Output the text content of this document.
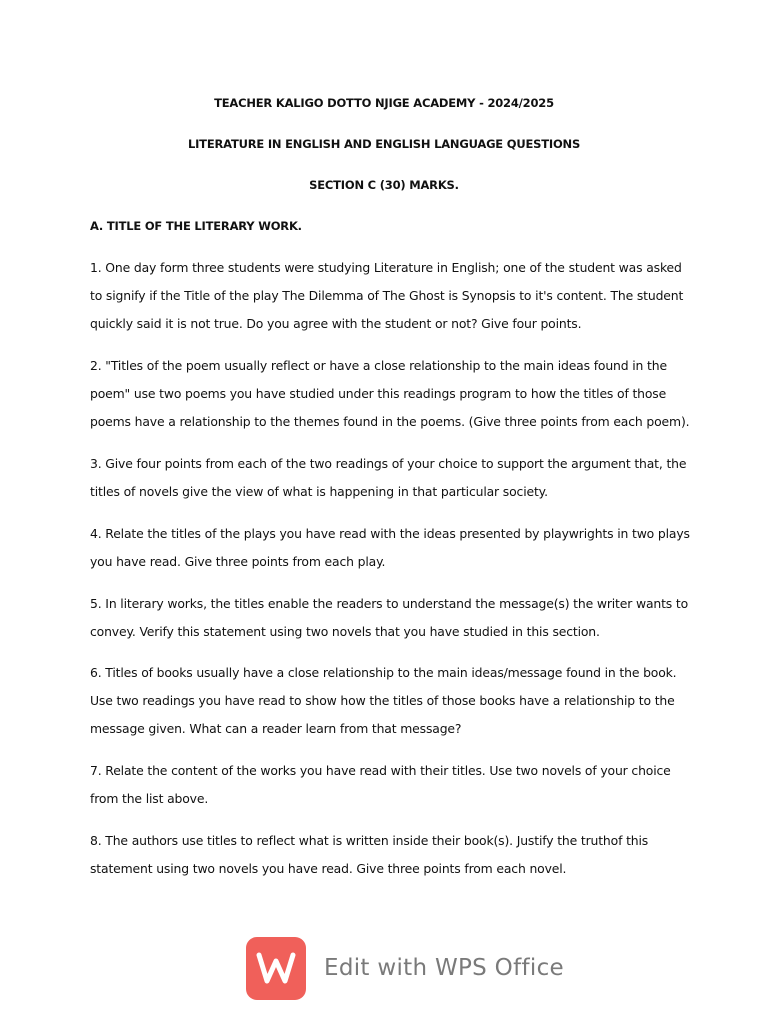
TEACHER KALIGO DOTTO NJIGE ACADEMY - 2024/2025
LITERATURE IN ENGLISH AND ENGLISH LANGUAGE QUESTIONS
SECTION C (30) MARKS.
A. TITLE OF THE LITERARY WORK.

1. One day form three students were studying Literature in English; one of the student was asked to signify if the Title of the play The Dilemma of The Ghost is Synopsis to it's content. The student quickly said it is not true. Do you agree with the student or not? Give four points.

2. "Titles of the poem usually reflect or have a close relationship to the main ideas found in the poem" use two poems you have studied under this readings program to how the titles of those poems have a relationship to the themes found in the poems. (Give three points from each poem).

3. Give four points from each of the two readings of your choice to support the argument that, the titles of novels give the view of what is happening in that particular society.

4. Relate the titles of the plays you have read with the ideas presented by playwrights in two plays you have read. Give three points from each play.

5. In literary works, the titles enable the readers to understand the message(s) the writer wants to convey. Verify this statement using two novels that you have studied in this section.

6. Titles of books usually have a close relationship to the main ideas/message found in the book. Use two readings you have read to show how the titles of those books have a relationship to the message given. What can a reader learn from that message?

7. Relate the content of the works you have read with their titles. Use two novels of your choice from the list above.

8. The authors use titles to reflect what is written inside their book(s). Justify the truthof this statement using two novels you have read. Give three points from each novel.

Edit with WPS Office
